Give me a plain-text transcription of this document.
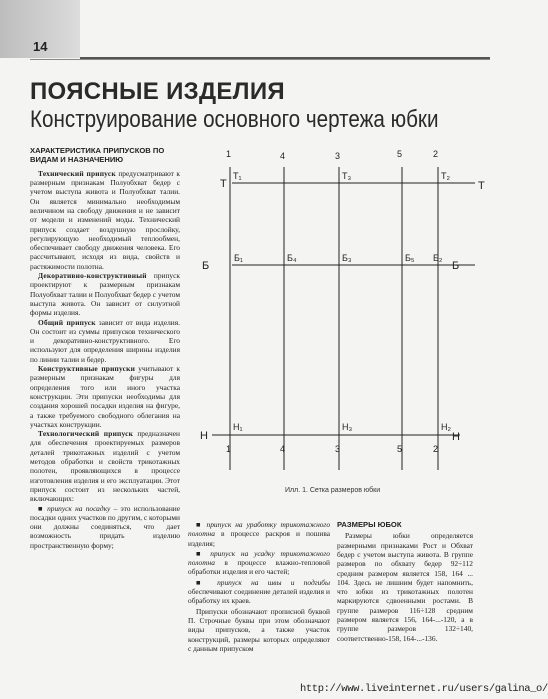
14
ПОЯСНЫЕ ИЗДЕЛИЯ
Конструирование основного чертежа юбки

ХАРАКТЕРИСТИКА ПРИПУСКОВ ПО ВИДАМ И НАЗНАЧЕНИЮ

Технический припуск предусматривают к размерным признакам Полуобхват бедер с учетом выступа живота и Полуобхват талии. Он является минимально необходимым величином на свободу движения и не зависит от модели и изменений моды. Технический припуск создает воздушную прослойку, регулирующую необходимый теплообмен, обеспечивает свободу движения человека. Его рассчитывают, исходя из вида, свойств и растяжимости полотна.

Декоративно-конструктивный припуск проектируют к размерным признакам Полуобхват талии и Полуобхват бедер с учетом выступа живота. Он зависит от силуэтной формы изделия.

Общий припуск зависит от вида изделия. Он состоит из суммы припусков технического и декоративно-конструктивного. Его используют для определения ширины изделия по линии талии и бедер.

Конструктивные припуски учитывают к размерным признакам фигуры для определения того или иного участка конструкции. Эти припуски необходимы для создания хорошей посадки изделия на фигуре, а также требуемого свободного облегания на участках конструкции.

Технологический припуск предназначен для обеспечения проектируемых размеров деталей трикотажных изделий с учетом методов обработки и свойств трикотажных полотен, проявляющихся в процессе изготовления изделия и его эксплуатации. Этот припуск состоит из нескольких частей, включающих:

■ припуск на посадку – это использование посадки одних участков по другим, с которыми они должны соединяться, что дает возможность придать изделию пространственную форму;

1	4	3	5	2
Т
Б
Н
Т
Б
Н
Т₁	Т₃	Т₂
Б₁	Б₄	Б₃	Б₅ Б₂
Н₁	Н₃	Н₂
1	4	3	5	2
Илл. 1. Сетка размеров юбки

■ припуск на уработку трикотажного полотна в процессе раскроя и пошива изделия;

■ припуск на усадку трикотажного полотна в процессе влажно-тепловой обработки изделия и его частей;

■ припуск на швы и подгибы обеспечивают соединение деталей изделия и обработку их краев.

Припуски обозначают прописной буквой П. Строчные буквы при этом обозначают виды припусков, а также участок конструкций, размеры которых определяют с данным припуском

РАЗМЕРЫ ЮБОК

Размеры юбки определяется размерными признаками Рост и Обхват бедер с учетом выступа живота. В группе размеров по обхвату бедер 92÷112 средним размером является 158, 164 ... 104. Здесь не лишним будет напомнить, что юбки из трикотажных полотен маркируются сдвоенными ростами. В группе размеров 116÷128 средним размером является 156, 164-...-120, а в группе размеров 132÷140, соответственно-158, 164-...-136.

http://www.liveinternet.ru/users/galina_o/
